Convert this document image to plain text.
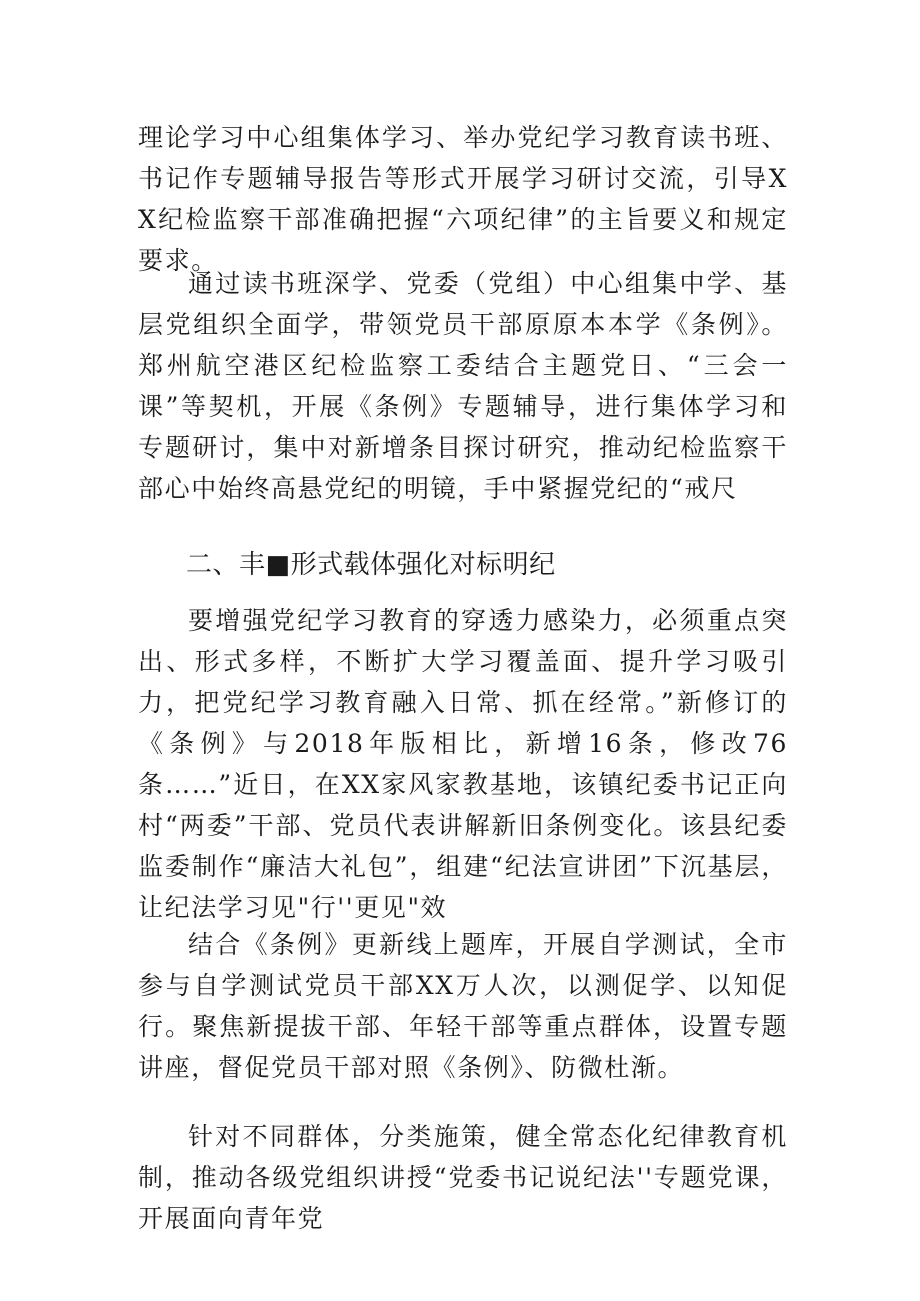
理论学习中心组集体学习、举办党纪学习教育读书班、书记作专题辅导报告等形式开展学习研讨交流，引导XX纪检监察干部准确把握“六项纪律”的主旨要义和规定要求。

通过读书班深学、党委（党组）中心组集中学、基层党组织全面学，带领党员干部原原本本学《条例》。郑州航空港区纪检监察工委结合主题党日、“三会一课”等契机，开展《条例》专题辅导，进行集体学习和专题研讨，集中对新增条目探讨研究，推动纪检监察干部心中始终高悬党纪的明镜，手中紧握党纪的“戒尺

二、丰■形式载体强化对标明纪

要增强党纪学习教育的穿透力感染力，必须重点突出、形式多样，不断扩大学习覆盖面、提升学习吸引力，把党纪学习教育融入日常、抓在经常。”新修订的《条例》与2018年版相比，新增16条，修改76条……”近日，在XX家风家教基地，该镇纪委书记正向村“两委”干部、党员代表讲解新旧条例变化。该县纪委监委制作“廉洁大礼包”，组建“纪法宣讲团”下沉基层，让纪法学习见"行''更见"效

结合《条例》更新线上题库，开展自学测试，全市参与自学测试党员干部XX万人次，以测促学、以知促行。聚焦新提拔干部、年轻干部等重点群体，设置专题讲座，督促党员干部对照《条例》、防微杜渐。

针对不同群体，分类施策，健全常态化纪律教育机制，推动各级党组织讲授“党委书记说纪法''专题党课，开展面向青年党
